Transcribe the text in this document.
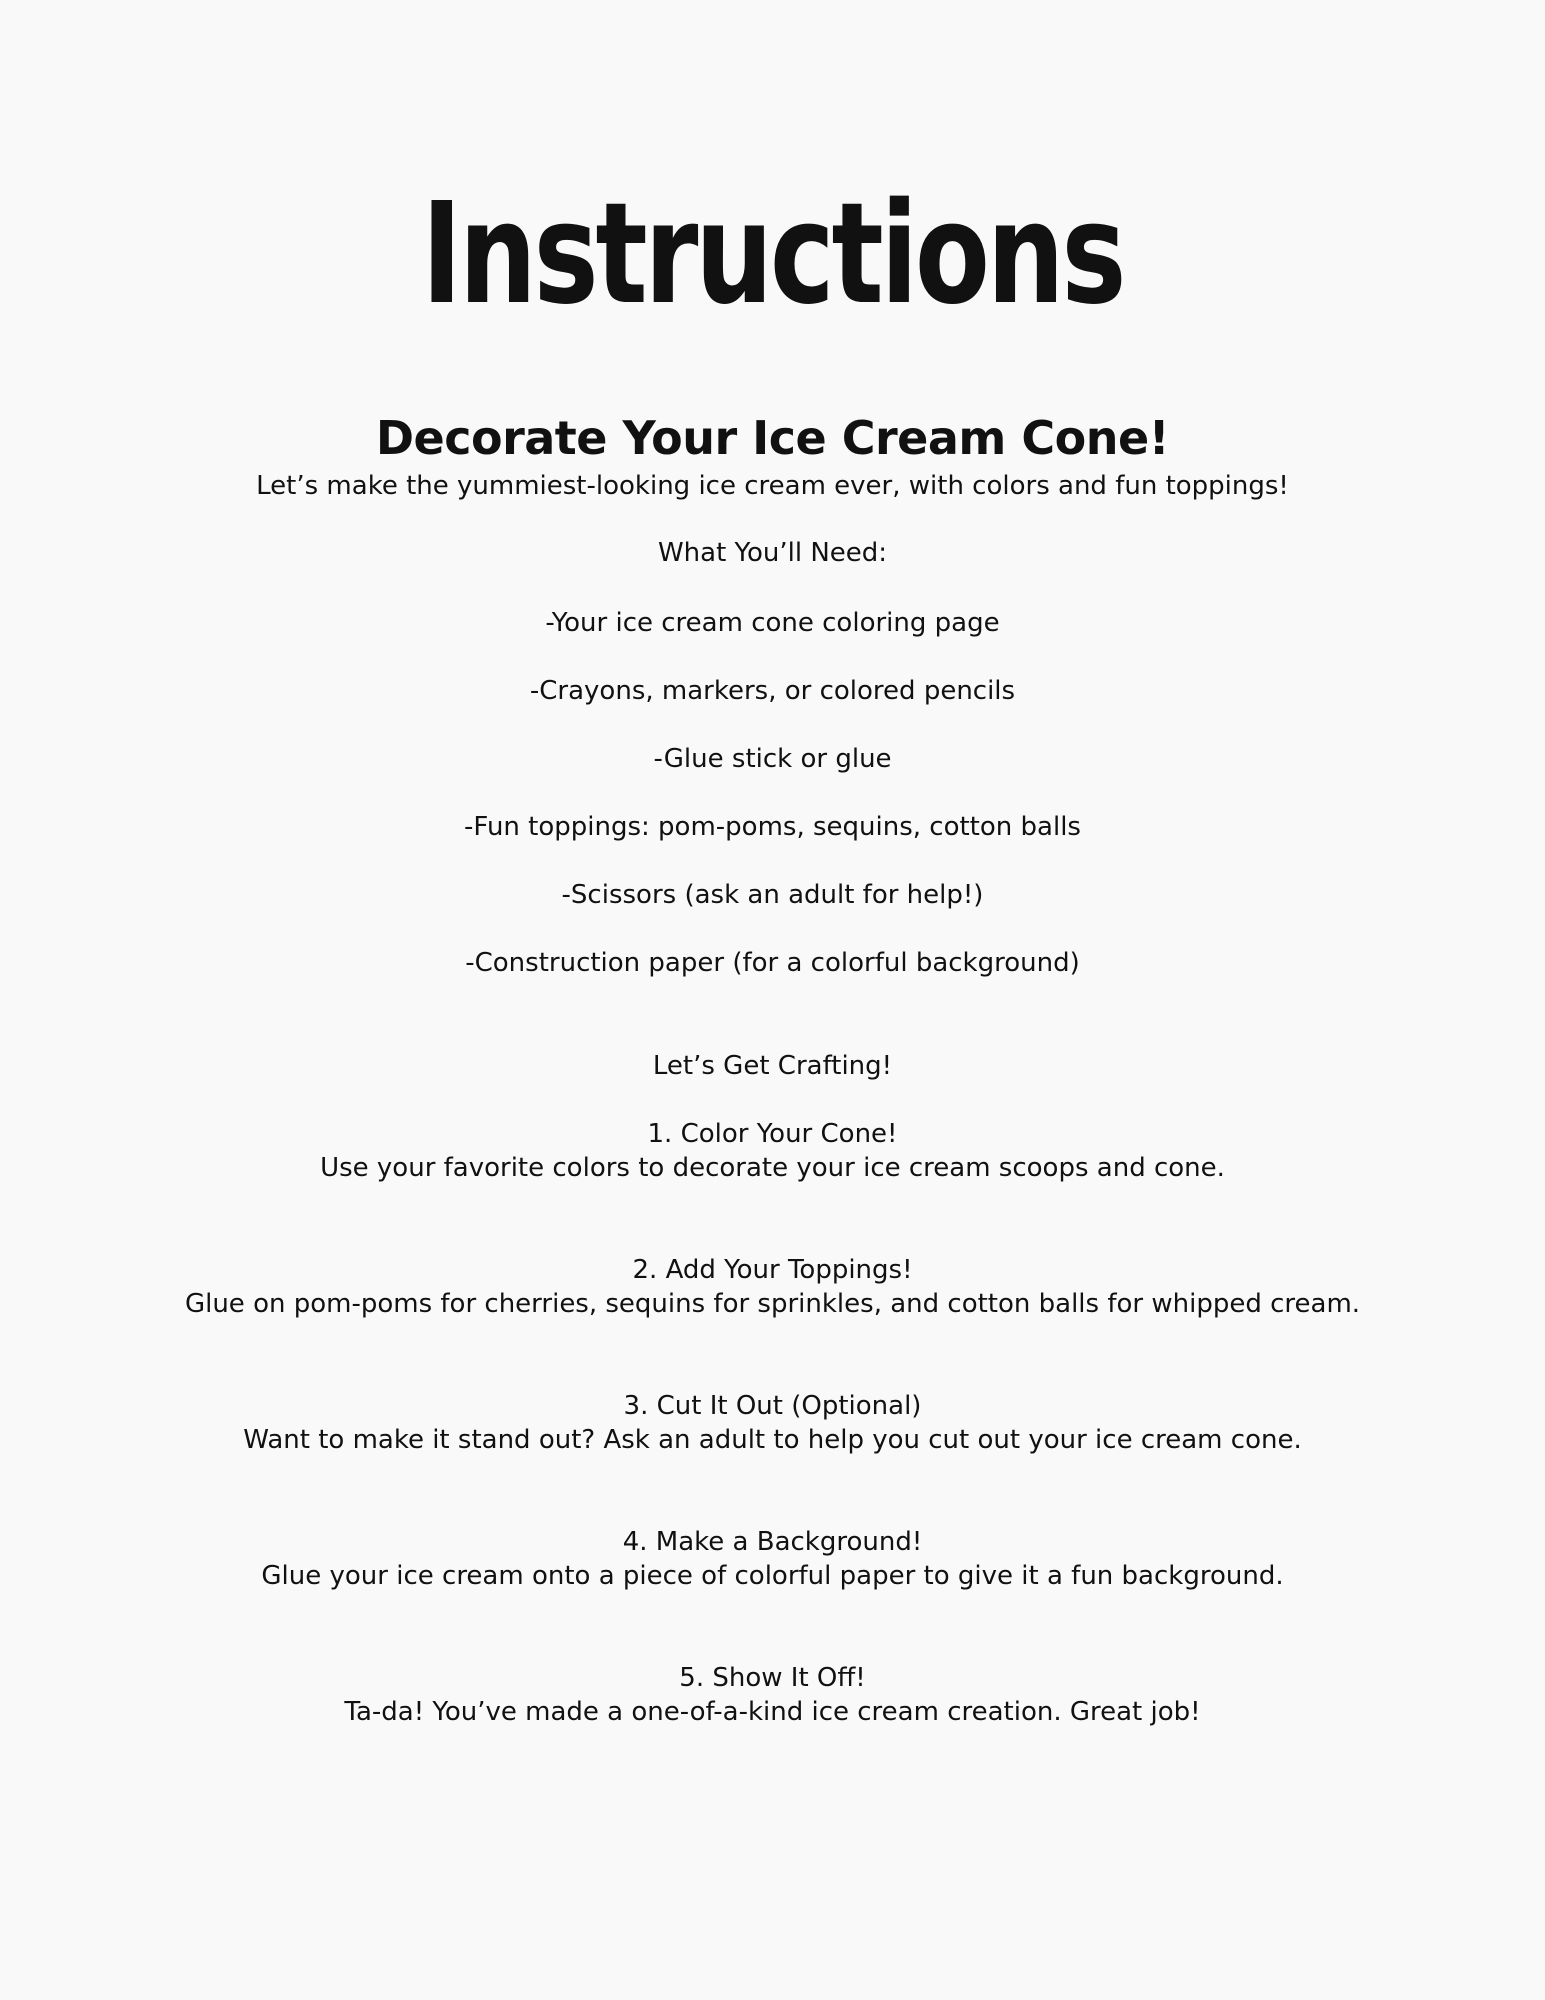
Instructions
Decorate Your Ice Cream Cone!

Let’s make the yummiest-looking ice cream ever, with colors and fun toppings!

What You’ll Need:

-Your ice cream cone coloring page

-Crayons, markers, or colored pencils

-Glue stick or glue

-Fun toppings: pom-poms, sequins, cotton balls

-Scissors (ask an adult for help!)

-Construction paper (for a colorful background)

Let’s Get Crafting!

1. Color Your Cone!

Use your favorite colors to decorate your ice cream scoops and cone.

2. Add Your Toppings!

Glue on pom-poms for cherries, sequins for sprinkles, and cotton balls for whipped cream.

3. Cut It Out (Optional)

Want to make it stand out? Ask an adult to help you cut out your ice cream cone.

4. Make a Background!

Glue your ice cream onto a piece of colorful paper to give it a fun background.

5. Show It Off!

Ta-da! You’ve made a one-of-a-kind ice cream creation. Great job!
